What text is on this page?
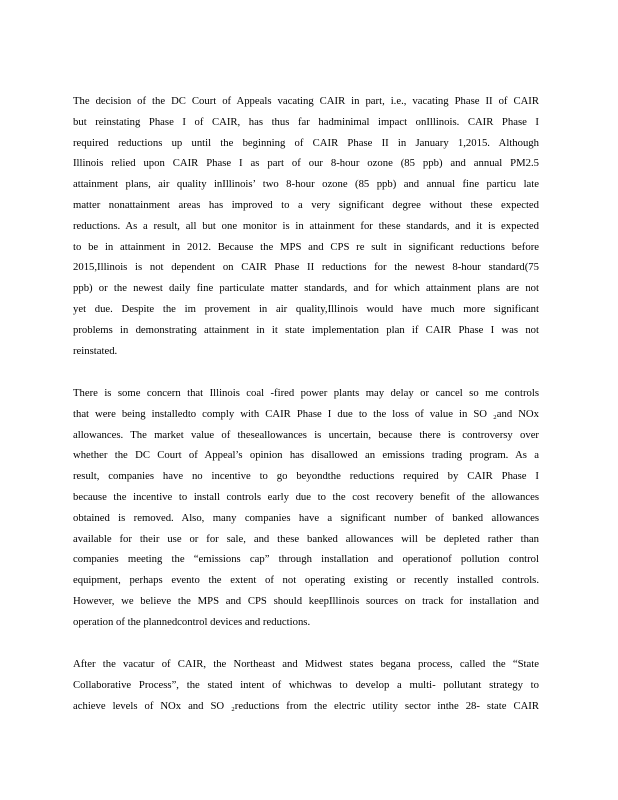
The decision of the DC Court of Appeals vacating CAIR in part, i.e., vacating Phase II of CAIR
but reinstating Phase I of CAIR, has thus far hadminimal impact onIllinois. CAIR Phase I
required reductions up until the beginning of CAIR Phase II in January 1,2015. Although
Illinois relied upon CAIR Phase I as part of our 8-hour ozone (85 ppb) and annual PM2.5
attainment plans, air quality inIllinois’ two 8-hour ozone (85 ppb) and annual fine particu late
matter nonattainment areas has improved to a very significant degree without these expected
reductions. As a result, all but one monitor is in attainment for these standards, and it is expected
to be in attainment in 2012. Because the MPS and CPS re sult in significant reductions before
2015,Illinois is not dependent on CAIR Phase II reductions for the newest 8-hour standard(75
ppb) or the newest daily fine particulate matter standards, and for which attainment plans are not
yet due. Despite the im provement in air quality,Illinois would have much more significant
problems in demonstrating attainment in it state implementation plan if CAIR Phase I was not
reinstated.
There is some concern that Illinois coal -fired power plants may delay or cancel so me controls
that were being installedto comply with CAIR Phase I due to the loss of value in SO ₂and NOx
allowances. The market value of theseallowances is uncertain, because there is controversy over
whether the DC Court of Appeal’s opinion has disallowed an emissions trading program. As a
result, companies have no incentive to go beyondthe reductions required by CAIR Phase I
because the incentive to install controls early due to the cost recovery benefit of the allowances
obtained is removed. Also, many companies have a significant number of banked allowances
available for their use or for sale, and these banked allowances will be depleted rather than
companies meeting the “emissions cap” through installation and operationof pollution control
equipment, perhaps evento the extent of not operating existing or recently installed controls.
However, we believe the MPS and CPS should keepIllinois sources on track for installation and
operation of the plannedcontrol devices and reductions.
After the vacatur of CAIR, the Northeast and Midwest states begana process, called the “State
Collaborative Process”, the stated intent of whichwas to develop a multi- pollutant strategy to
achieve levels of NOx and SO ₂reductions from the electric utility sector inthe 28- state CAIR
